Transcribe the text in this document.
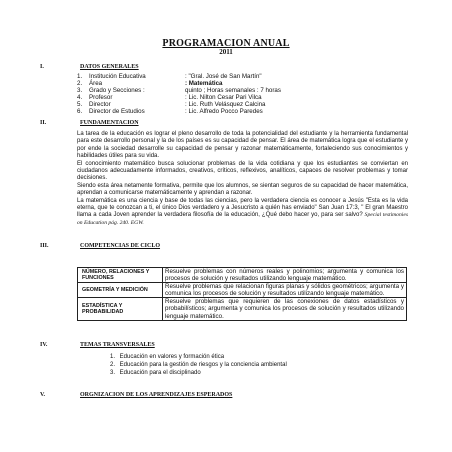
PROGRAMACION ANUAL
2011
I.	DATOS GENERALES
1. Institución Educativa	: "Gral. José de San Martín"
2. Área	: Matemática
3. Grado y Secciones :	quinto ; Horas semanales : 7 horas
4. Profesor	: Lic. Nilton Cesar Pari Vilca
5. Director	: Lic. Ruth Velásquez Calcina
6. Director de Estudios	: Lic. Alfredo Pocco Paredes
II.	FUNDAMENTACION

La tarea de la educación es lograr el pleno desarrollo de toda la potencialidad del estudiante y la herramienta fundamental para este desarrollo personal y la de los países es su capacidad de pensar. El área de matemática logra que el estudiante y por ende la sociedad desarrolle su capacidad de pensar y razonar matemáticamente, fortaleciendo sus conocimientos y habilidades útiles para su vida.

El conocimiento matemático busca solucionar problemas de la vida cotidiana y que los estudiantes se conviertan en ciudadanos adecuadamente informados, creativos, críticos, reflexivos, analíticos, capaces de resolver problemas y tomar decisiones.

Siendo esta área netamente formativa, permite que los alumnos, se sientan seguros de su capacidad de hacer matemática, aprendan a comunicarse matemáticamente y aprendan a razonar.

La matemática es una ciencia y base de todas las ciencias, pero la verdadera ciencia es conocer a Jesús "Esta es la vida eterna, que te conozcan a ti, el único Dios verdadero y a Jesucristo a quién has enviado" San Juan 17:3, " El gran Maestro llama a cada Joven aprender la verdadera filosofía de la educación, ¿Qué debo hacer yo, para ser salvo? Special testimonies on Education pág. 240. EGW.

III.	COMPETENCIAS DE CICLO
NÚMERO, RELACIONES Y FUNCIONES	Resuelve problemas con números reales y polinomios; argumenta y comunica los procesos de solución y resultados utilizando lenguaje matemático.
GEOMETRÍA Y MEDICIÓN	Resuelve problemas que relacionan figuras planas y sólidos geométricos; argumenta y comunica los procesos de solución y resultados utilizando lenguaje matemático.
ESTADÍSTICA Y PROBABILIDAD	Resuelve problemas que requieren de las conexiones de datos estadísticos y probabilísticos; argumenta y comunica los procesos de solución y resultados utilizando lenguaje matemático.
IV.	TEMAS TRANSVERSALES
1. Educación en valores y formación ética
2. Educación para la gestión de riesgos y la conciencia ambiental
3. Educación para el disciplinado
V.	ORGNIZACION DE LOS APRENDIZAJES ESPERADOS
